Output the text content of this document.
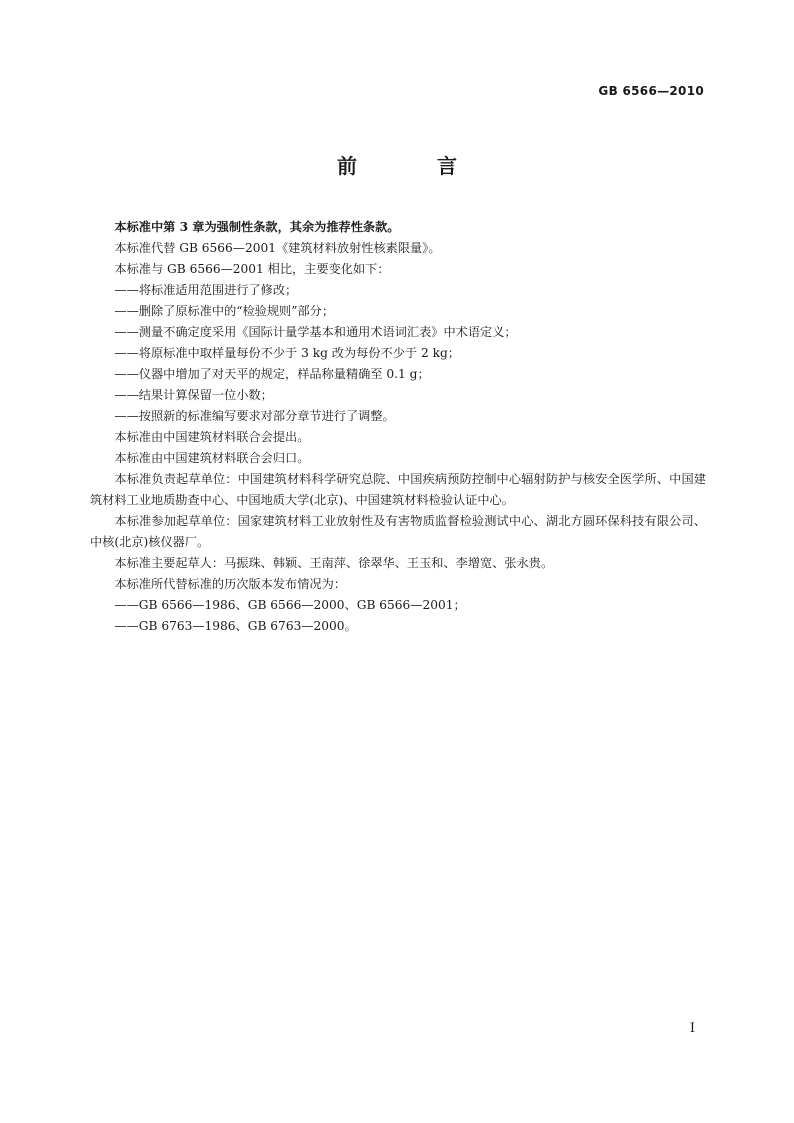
GB 6566—2010
前　言

本标准中第 3 章为强制性条款，其余为推荐性条款。

本标准代替 GB 6566—2001《建筑材料放射性核素限量》。

本标准与 GB 6566—2001 相比，主要变化如下：

——将标准适用范围进行了修改；

——删除了原标准中的“检验规则”部分；

——测量不确定度采用《国际计量学基本和通用术语词汇表》中术语定义；

——将原标准中取样量每份不少于 3 kg 改为每份不少于 2 kg；

——仪器中增加了对天平的规定，样品称量精确至 0.1 g；

——结果计算保留一位小数；

——按照新的标准编写要求对部分章节进行了调整。

本标准由中国建筑材料联合会提出。

本标准由中国建筑材料联合会归口。

本标准负责起草单位：中国建筑材料科学研究总院、中国疾病预防控制中心辐射防护与核安全医学所、中国建筑材料工业地质勘查中心、中国地质大学(北京)、中国建筑材料检验认证中心。

本标准参加起草单位：国家建筑材料工业放射性及有害物质监督检验测试中心、湖北方圆环保科技有限公司、中核(北京)核仪器厂。

本标准主要起草人：马振珠、韩颖、王南萍、徐翠华、王玉和、李增宽、张永贵。

本标准所代替标准的历次版本发布情况为：

——GB 6566—1986、GB 6566—2000、GB 6566—2001；

——GB 6763—1986、GB 6763—2000。

I
